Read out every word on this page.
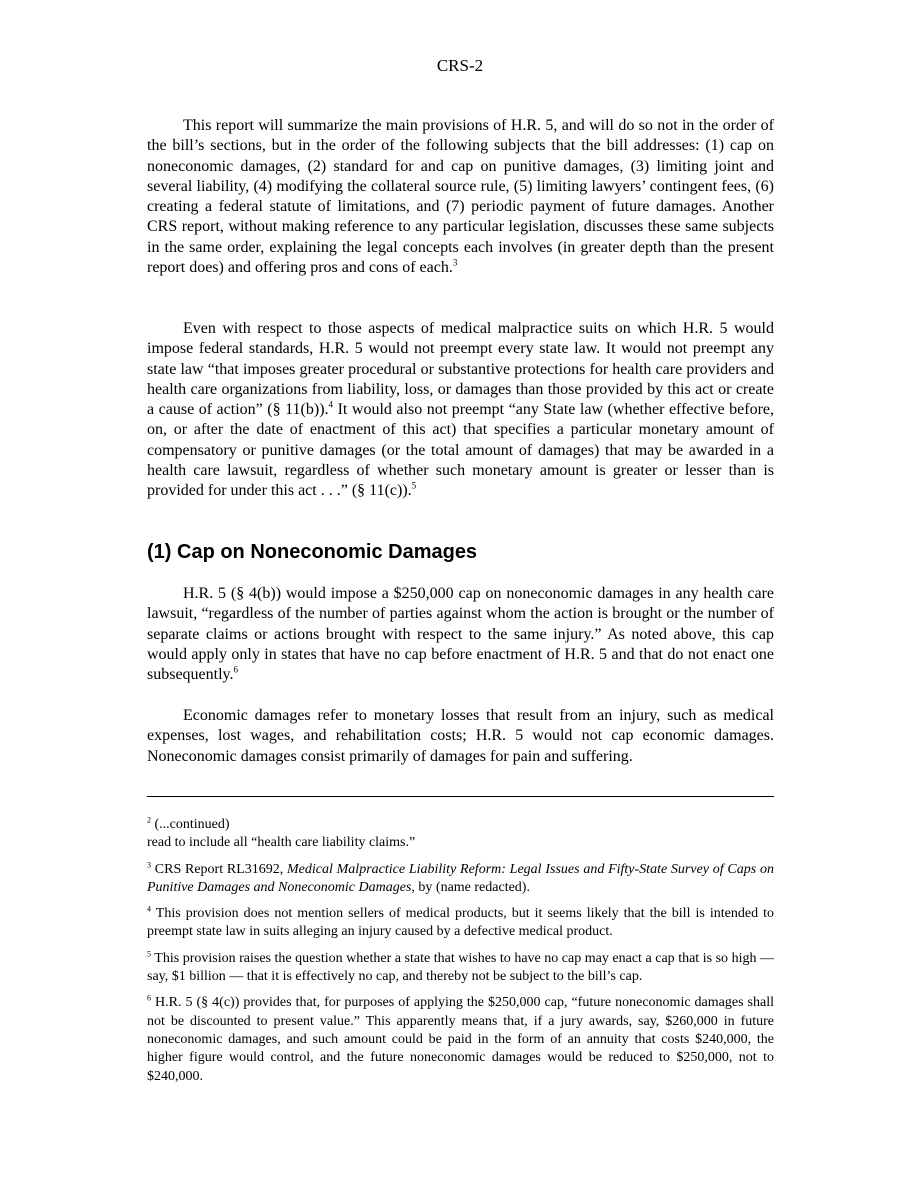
CRS-2

This report will summarize the main provisions of H.R. 5, and will do so not in the order of the bill’s sections, but in the order of the following subjects that the bill addresses: (1) cap on noneconomic damages, (2) standard for and cap on punitive damages, (3) limiting joint and several liability, (4) modifying the collateral source rule, (5) limiting lawyers’ contingent fees, (6) creating a federal statute of limitations, and (7) periodic payment of future damages. Another CRS report, without making reference to any particular legislation, discusses these same subjects in the same order, explaining the legal concepts each involves (in greater depth than the present report does) and offering pros and cons of each.$^3$

Even with respect to those aspects of medical malpractice suits on which H.R. 5 would impose federal standards, H.R. 5 would not preempt every state law. It would not preempt any state law “that imposes greater procedural or substantive protections for health care providers and health care organizations from liability, loss, or damages than those provided by this act or create a cause of action” (§ 11(b)).$^4$ It would also not preempt “any State law (whether effective before, on, or after the date of enactment of this act) that specifies a particular monetary amount of compensatory or punitive damages (or the total amount of damages) that may be awarded in a health care lawsuit, regardless of whether such monetary amount is greater or lesser than is provided for under this act . . .” (§ 11(c)).$^5$

(1) Cap on Noneconomic Damages

H.R. 5 (§ 4(b)) would impose a $250,000 cap on noneconomic damages in any health care lawsuit, “regardless of the number of parties against whom the action is brought or the number of separate claims or actions brought with respect to the same injury.” As noted above, this cap would apply only in states that have no cap before enactment of H.R. 5 and that do not enact one subsequently.$^6$

Economic damages refer to monetary losses that result from an injury, such as medical expenses, lost wages, and rehabilitation costs; H.R. 5 would not cap economic damages. Noneconomic damages consist primarily of damages for pain and suffering.

$^2$ (...continued)
read to include all “health care liability claims.”
$^3$ CRS Report RL31692, Medical Malpractice Liability Reform: Legal Issues and Fifty-State Survey of Caps on Punitive Damages and Noneconomic Damages, by (name redacted).
$^4$ This provision does not mention sellers of medical products, but it seems likely that the bill is intended to preempt state law in suits alleging an injury caused by a defective medical product.
$^5$ This provision raises the question whether a state that wishes to have no cap may enact a cap that is so high — say, $1 billion — that it is effectively no cap, and thereby not be subject to the bill’s cap.
$^6$ H.R. 5 (§ 4(c)) provides that, for purposes of applying the $250,000 cap, “future noneconomic damages shall not be discounted to present value.” This apparently means that, if a jury awards, say, $260,000 in future noneconomic damages, and such amount could be paid in the form of an annuity that costs $240,000, the higher figure would control, and the future noneconomic damages would be reduced to $250,000, not to $240,000.
